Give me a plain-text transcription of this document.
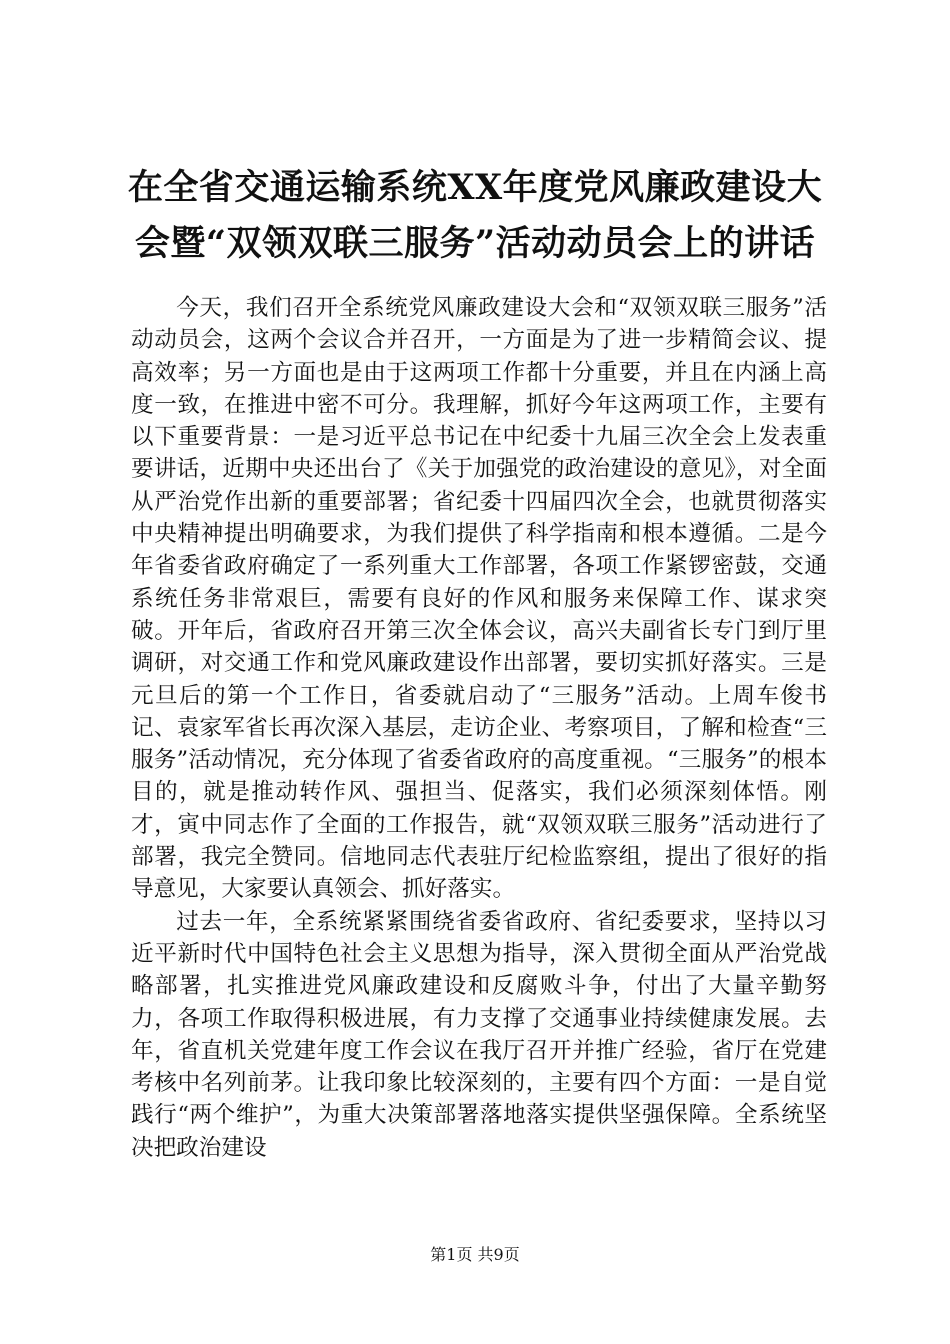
在全省交通运输系统XX年度党风廉政建设大
会暨“双领双联三服务”活动动员会上的讲话

今天，我们召开全系统党风廉政建设大会和“双领双联三服务”活动动员会，这两个会议合并召开，一方面是为了进一步精简会议、提高效率；另一方面也是由于这两项工作都十分重要，并且在内涵上高度一致，在推进中密不可分。我理解，抓好今年这两项工作，主要有以下重要背景：一是习近平总书记在中纪委十九届三次全会上发表重要讲话，近期中央还出台了《关于加强党的政治建设的意见》，对全面从严治党作出新的重要部署；省纪委十四届四次全会，也就贯彻落实中央精神提出明确要求，为我们提供了科学指南和根本遵循。二是今年省委省政府确定了一系列重大工作部署，各项工作紧锣密鼓，交通系统任务非常艰巨，需要有良好的作风和服务来保障工作、谋求突破。开年后，省政府召开第三次全体会议，高兴夫副省长专门到厅里调研，对交通工作和党风廉政建设作出部署，要切实抓好落实。三是元旦后的第一个工作日，省委就启动了“三服务”活动。上周车俊书记、袁家军省长再次深入基层，走访企业、考察项目，了解和检查“三服务”活动情况，充分体现了省委省政府的高度重视。“三服务”的根本目的，就是推动转作风、强担当、促落实，我们必须深刻体悟。刚才，寅中同志作了全面的工作报告，就“双领双联三服务”活动进行了部署，我完全赞同。信地同志代表驻厅纪检监察组，提出了很好的指导意见，大家要认真领会、抓好落实。

过去一年，全系统紧紧围绕省委省政府、省纪委要求，坚持以习近平新时代中国特色社会主义思想为指导，深入贯彻全面从严治党战略部署，扎实推进党风廉政建设和反腐败斗争，付出了大量辛勤努力，各项工作取得积极进展，有力支撑了交通事业持续健康发展。去年，省直机关党建年度工作会议在我厅召开并推广经验，省厅在党建考核中名列前茅。让我印象比较深刻的，主要有四个方面：一是自觉践行“两个维护”，为重大决策部署落地落实提供坚强保障。全系统坚决把政治建设

第1页 共9页
